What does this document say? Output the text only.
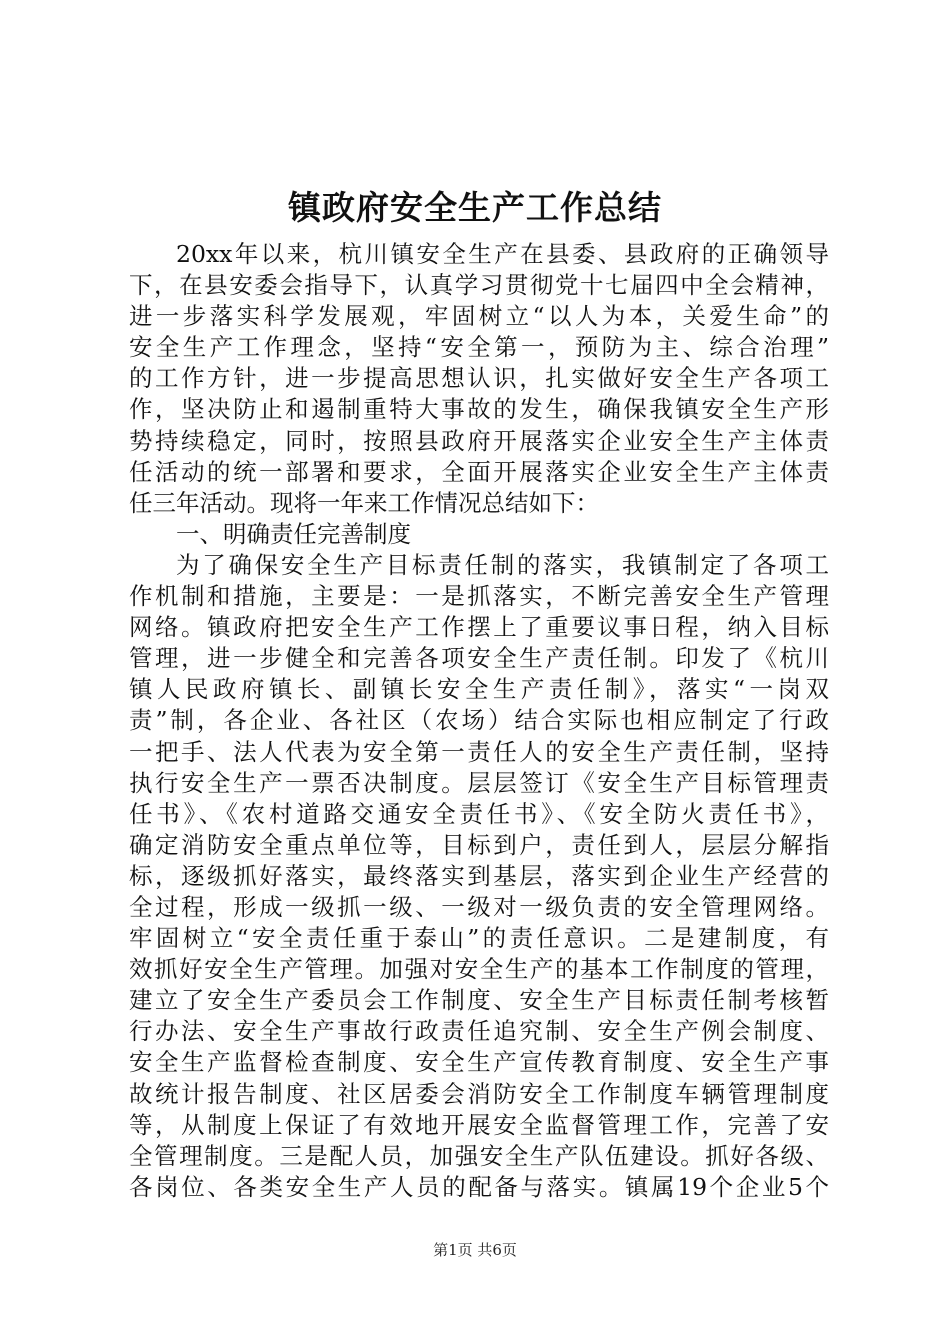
镇政府安全生产工作总结
20xx年以来，杭川镇安全生产在县委、县政府的正确领导
下，在县安委会指导下，认真学习贯彻党十七届四中全会精神，
进一步落实科学发展观，牢固树立“以人为本，关爱生命”的
安全生产工作理念，坚持“安全第一，预防为主、综合治理”
的工作方针，进一步提高思想认识，扎实做好安全生产各项工
作，坚决防止和遏制重特大事故的发生，确保我镇安全生产形
势持续稳定，同时，按照县政府开展落实企业安全生产主体责
任活动的统一部署和要求，全面开展落实企业安全生产主体责
任三年活动。现将一年来工作情况总结如下：
一、明确责任完善制度
为了确保安全生产目标责任制的落实，我镇制定了各项工
作机制和措施，主要是：一是抓落实，不断完善安全生产管理
网络。镇政府把安全生产工作摆上了重要议事日程，纳入目标
管理，进一步健全和完善各项安全生产责任制。印发了《杭川
镇人民政府镇长、副镇长安全生产责任制》，落实“一岗双
责”制，各企业、各社区（农场）结合实际也相应制定了行政
一把手、法人代表为安全第一责任人的安全生产责任制，坚持
执行安全生产一票否决制度。层层签订《安全生产目标管理责
任书》、《农村道路交通安全责任书》、《安全防火责任书》，
确定消防安全重点单位等，目标到户，责任到人，层层分解指
标，逐级抓好落实，最终落实到基层，落实到企业生产经营的
全过程，形成一级抓一级、一级对一级负责的安全管理网络。
牢固树立“安全责任重于泰山”的责任意识。二是建制度，有
效抓好安全生产管理。加强对安全生产的基本工作制度的管理，
建立了安全生产委员会工作制度、安全生产目标责任制考核暂
行办法、安全生产事故行政责任追究制、安全生产例会制度、
安全生产监督检查制度、安全生产宣传教育制度、安全生产事
故统计报告制度、社区居委会消防安全工作制度车辆管理制度
等，从制度上保证了有效地开展安全监督管理工作，完善了安
全管理制度。三是配人员，加强安全生产队伍建设。抓好各级、
各岗位、各类安全生产人员的配备与落实。镇属19个企业5个
第1页 共6页
